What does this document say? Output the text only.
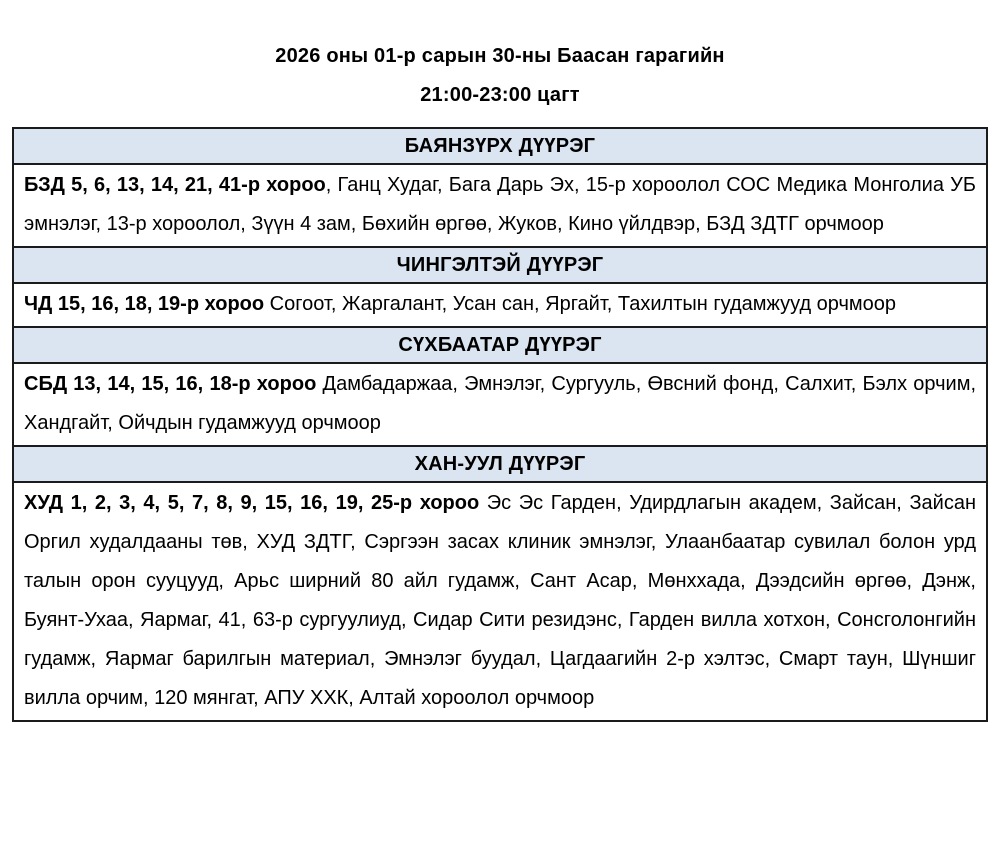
2026 оны 01-р сарын 30-ны Баасан гарагийн
21:00-23:00 цагт
БАЯНЗҮРХ ДҮҮРЭГ
БЗД 5, 6, 13, 14, 21, 41-р хороо, Ганц Худаг, Бага Дарь Эх, 15-р хороолол СОС Медика Монголиа УБ эмнэлэг, 13-р хороолол, Зүүн 4 зам, Бөхийн өргөө, Жуков, Кино үйлдвэр, БЗД ЗДТГ орчмоор
ЧИНГЭЛТЭЙ ДҮҮРЭГ
ЧД 15, 16, 18, 19-р хороо Согоот, Жаргалант, Усан сан, Яргайт, Тахилтын гудамжууд орчмоор
СҮХБААТАР ДҮҮРЭГ
СБД 13, 14, 15, 16, 18-р хороо Дамбадаржаа, Эмнэлэг, Сургууль, Өвсний фонд, Салхит, Бэлх орчим, Хандгайт, Ойчдын гудамжууд орчмоор
ХАН-УУЛ ДҮҮРЭГ
ХУД 1, 2, 3, 4, 5, 7, 8, 9, 15, 16, 19, 25-р хороо Эс Эс Гарден, Удирдлагын академ, Зайсан, Зайсан Оргил худалдааны төв, ХУД ЗДТГ, Сэргээн засах клиник эмнэлэг, Улаанбаатар сувилал болон урд талын орон сууцууд, Арьс ширний 80 айл гудамж, Сант Асар, Мөнххада, Дээдсийн өргөө, Дэнж, Буянт-Ухаа, Яармаг, 41, 63-р сургуулиуд, Сидар Сити резидэнс, Гарден вилла хотхон, Сонсголонгийн гудамж, Яармаг барилгын материал, Эмнэлэг буудал, Цагдаагийн 2-р хэлтэс, Смарт таун, Шүншиг вилла орчим, 120 мянгат, АПУ ХХК, Алтай хороолол орчмоор
